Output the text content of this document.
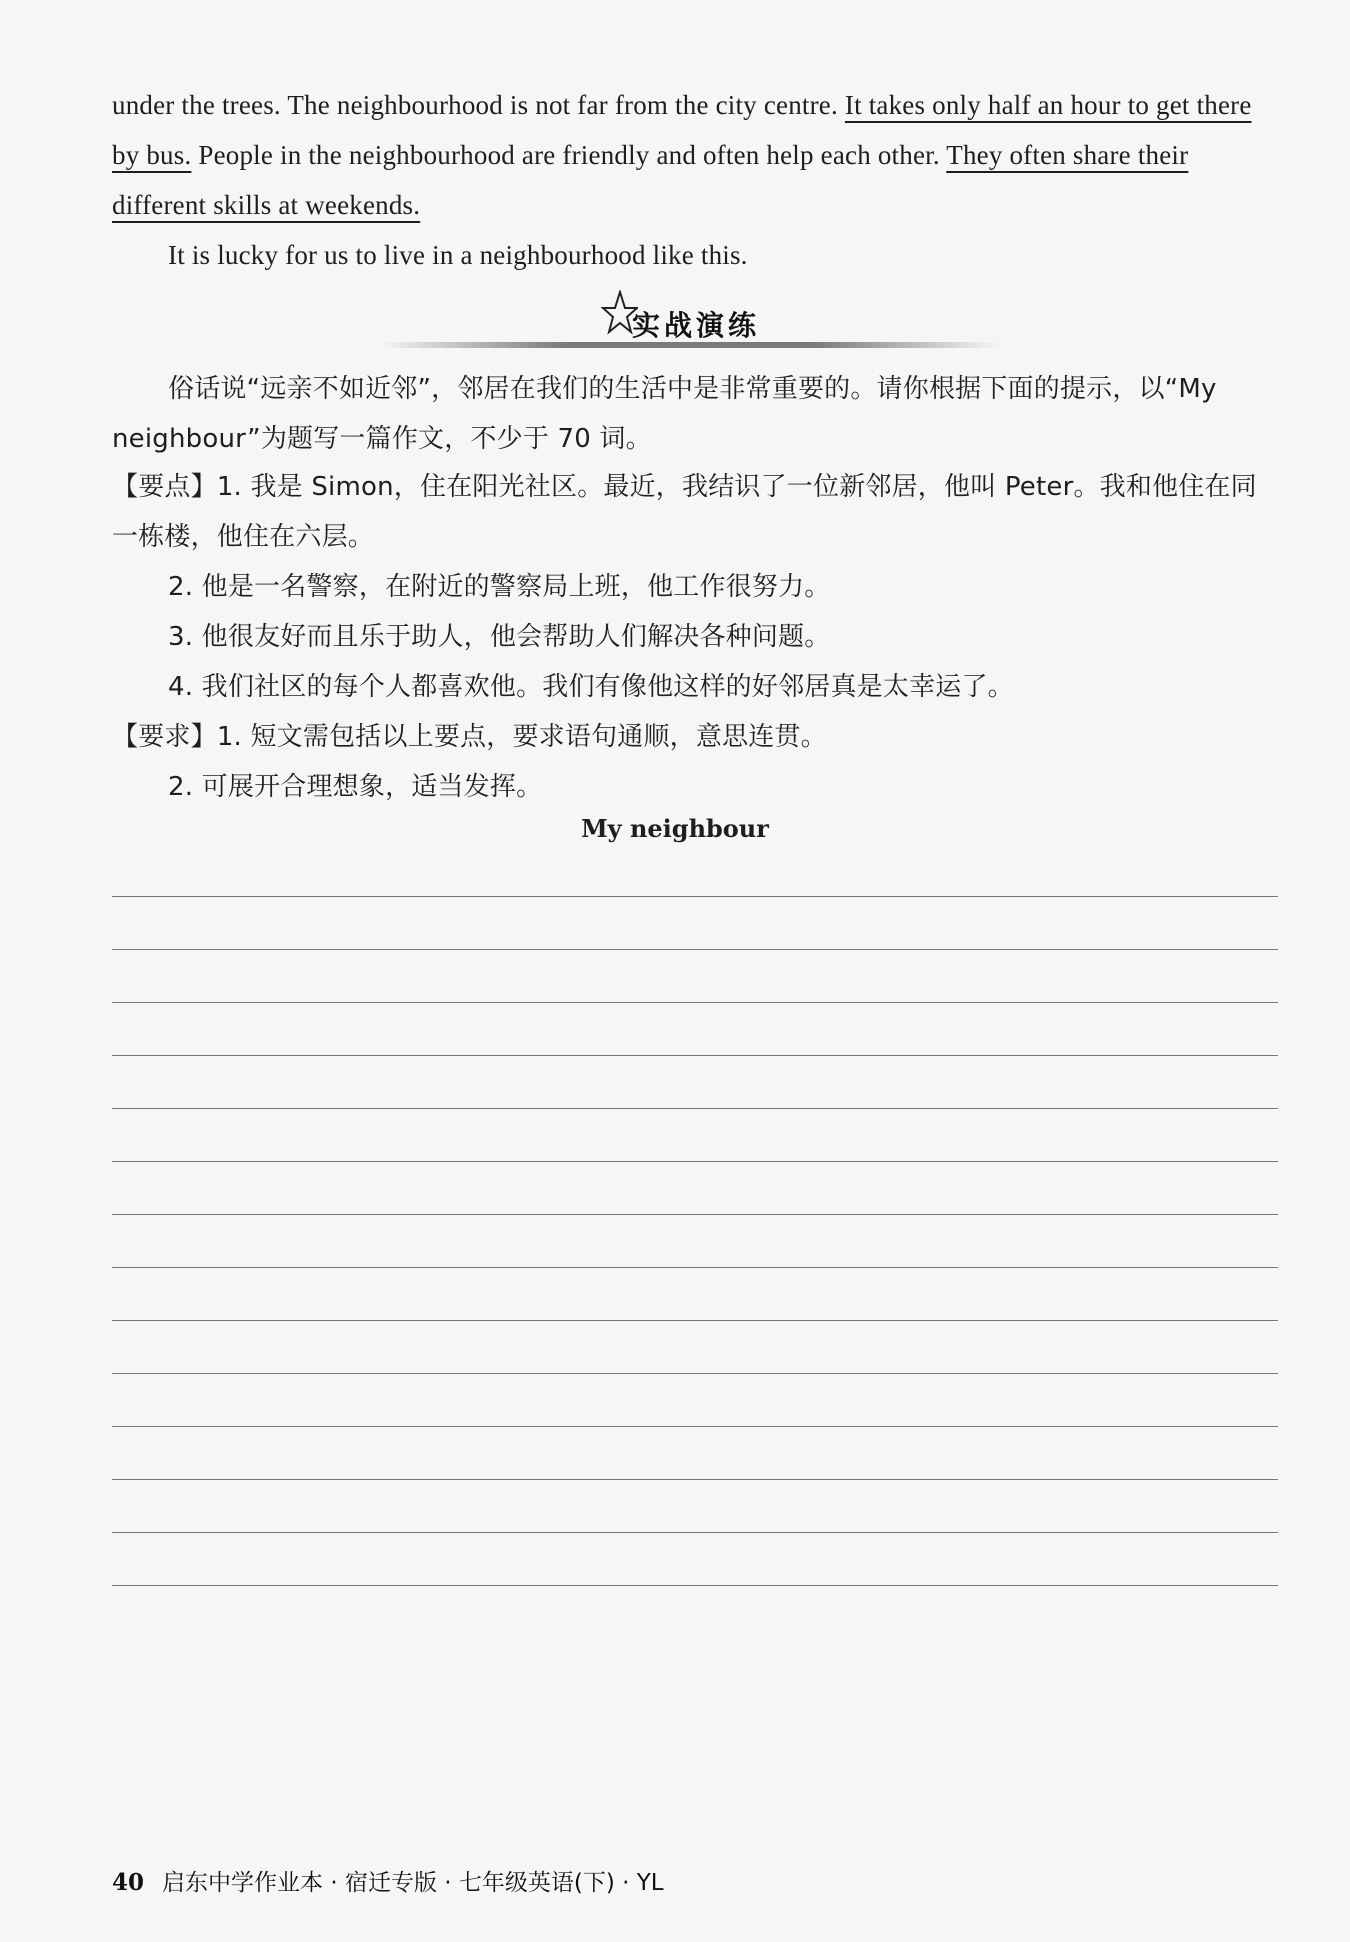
under the trees. The neighbourhood is not far from the city centre. It takes only half an hour to get there by bus. People in the neighbourhood are friendly and often help each other. They often share their different skills at weekends.

It is lucky for us to live in a neighbourhood like this.

实战演练

俗话说“远亲不如近邻”，邻居在我们的生活中是非常重要的。请你根据下面的提示，以“My neighbour”为题写一篇作文，不少于 70 词。

【要点】1. 我是 Simon，住在阳光社区。最近，我结识了一位新邻居，他叫 Peter。我和他住在同一栋楼，他住在六层。

2. 他是一名警察，在附近的警察局上班，他工作很努力。

3. 他很友好而且乐于助人，他会帮助人们解决各种问题。

4. 我们社区的每个人都喜欢他。我们有像他这样的好邻居真是太幸运了。

【要求】1. 短文需包括以上要点，要求语句通顺，意思连贯。

2. 可展开合理想象，适当发挥。

My neighbour
40 启东中学作业本 · 宿迁专版 · 七年级英语(下) · YL
